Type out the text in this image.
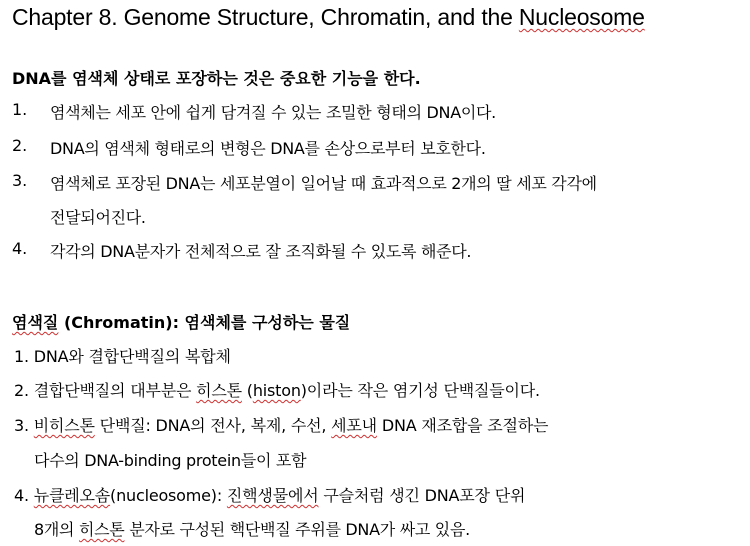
Chapter 8. Genome Structure, Chromatin, and the Nucleosome
DNA를 염색체 상태로 포장하는 것은 중요한 기능을 한다.
1. 염색체는 세포 안에 쉽게 담겨질 수 있는 조밀한 형태의 DNA이다.
2. DNA의 염색체 형태로의 변형은 DNA를 손상으로부터 보호한다.
3. 염색체로 포장된 DNA는 세포분열이 일어날 때 효과적으로 2개의 딸 세포 각각에
전달되어진다.
4. 각각의 DNA분자가 전체적으로 잘 조직화될 수 있도록 해준다.
염색질 (Chromatin): 염색체를 구성하는 물질
1. DNA와 결합단백질의 복합체
2. 결합단백질의 대부분은 히스톤 (histon)이라는 작은 염기성 단백질들이다.
3. 비히스톤 단백질: DNA의 전사, 복제, 수선, 세포내 DNA 재조합을 조절하는
다수의 DNA-binding protein들이 포함
4. 뉴클레오솜(nucleosome): 진핵생물에서 구슬처럼 생긴 DNA포장 단위
8개의 히스톤 분자로 구성된 핵단백질 주위를 DNA가 싸고 있음.
